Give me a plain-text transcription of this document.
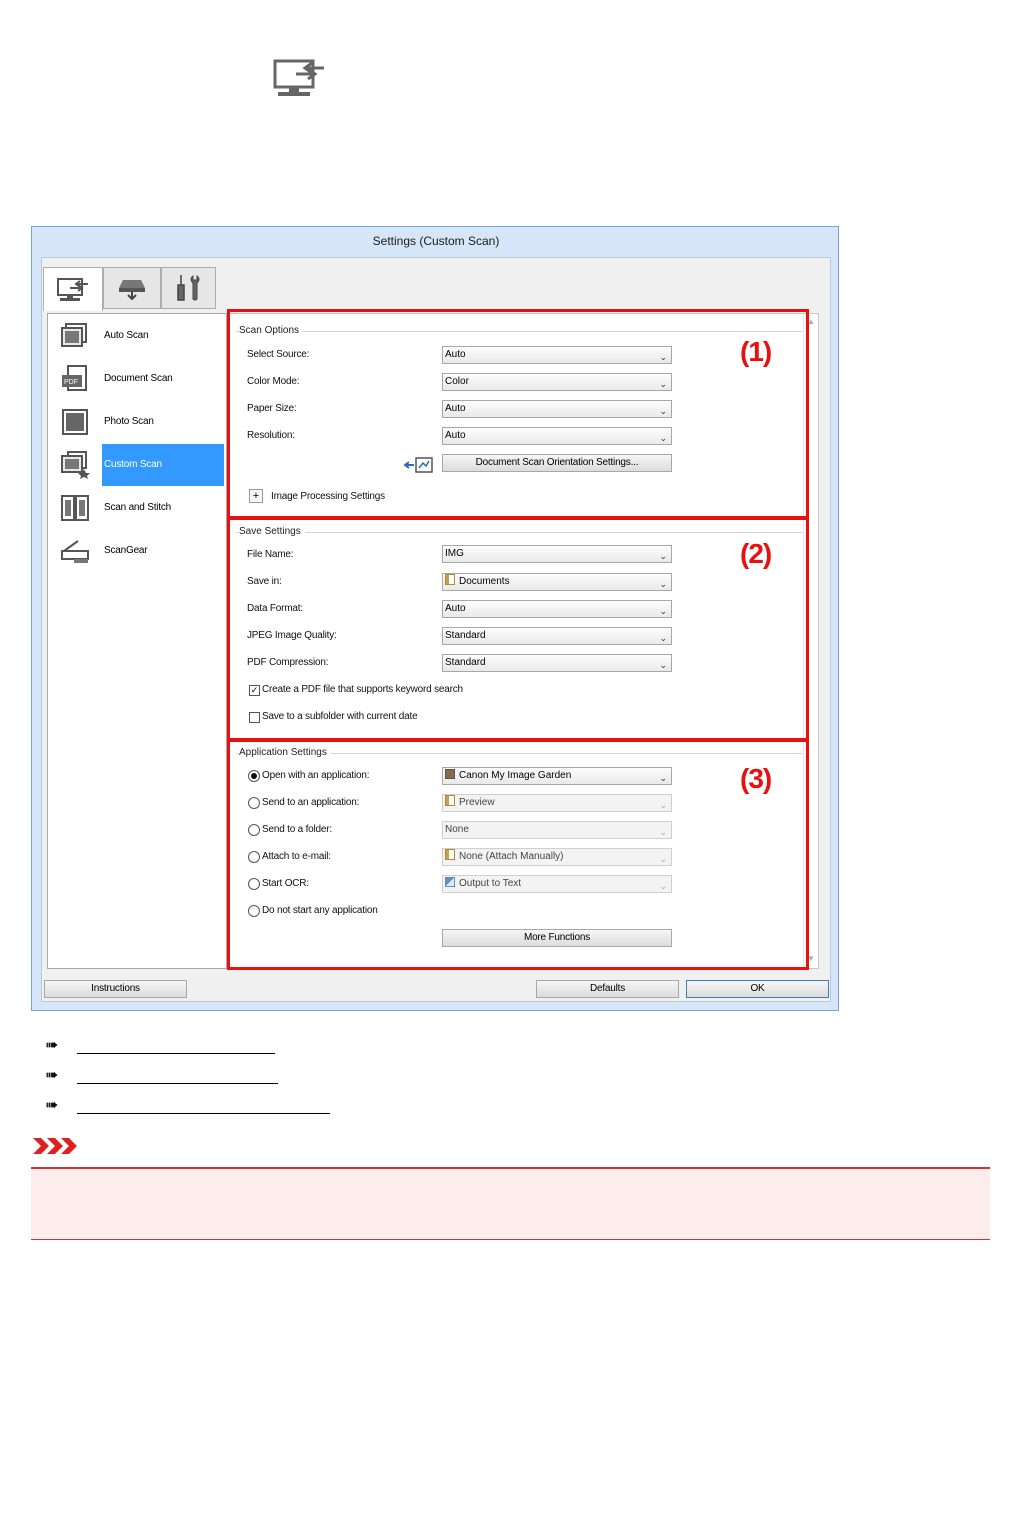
Settings (Custom Scan)
Auto Scan
PDF	Document Scan
Photo Scan
Custom Scan
Scan and Stitch
ScanGear
▲
▼
Instructions	Defaults	OK
Scan Options
(1)
Select Source:	Auto	⌄
Color Mode:	Color	⌄
Paper Size:	Auto	⌄
Resolution:	Auto	⌄
Document Scan Orientation Settings...
+	Image Processing Settings
Save Settings
(2)
File Name:	IMG	⌄
Save in:	Documents	⌄
Data Format:	Auto	⌄
JPEG Image Quality:	Standard	⌄
PDF Compression:	Standard	⌄
✓ Create a PDF file that supports keyword search
Save to a subfolder with current date
Application Settings
(3)
Open with an application:	Canon My Image Garden	⌄
Send to an application:	Preview	⌄
Send to a folder:	None	⌄
Attach to e-mail:	None (Attach Manually)	⌄
Start OCR:	Output to Text	⌄
Do not start any application
More Functions
➠
➠
➠
